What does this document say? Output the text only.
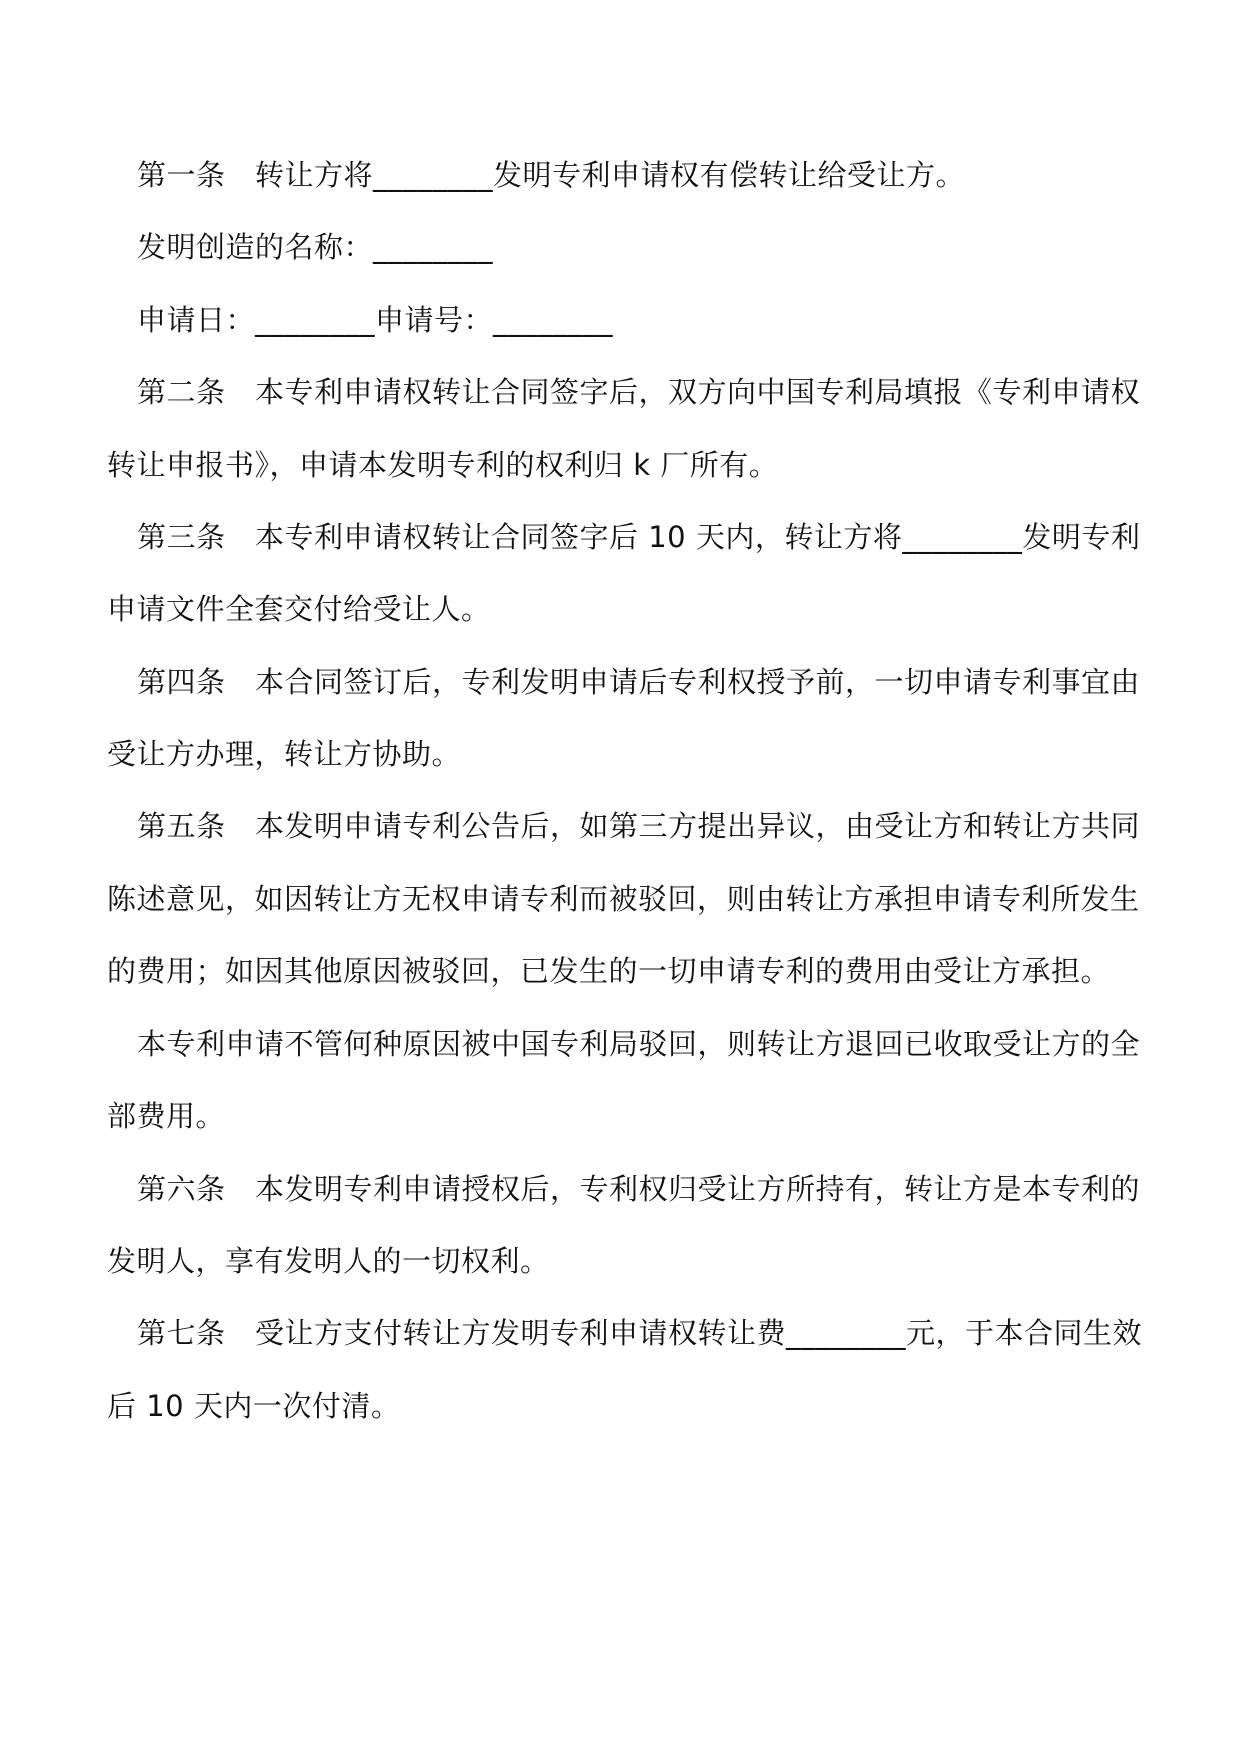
第一条　转让方将________发明专利申请权有偿转让给受让方。
发明创造的名称：________
申请日：________申请号：________
第二条　本专利申请权转让合同签字后，双方向中国专利局填报《专利申请权
转让申报书》，申请本发明专利的权利归 k 厂所有。
第三条　本专利申请权转让合同签字后 10 天内，转让方将________发明专利
申请文件全套交付给受让人。
第四条　本合同签订后，专利发明申请后专利权授予前，一切申请专利事宜由
受让方办理，转让方协助。
第五条　本发明申请专利公告后，如第三方提出异议，由受让方和转让方共同
陈述意见，如因转让方无权申请专利而被驳回，则由转让方承担申请专利所发生
的费用；如因其他原因被驳回，已发生的一切申请专利的费用由受让方承担。
本专利申请不管何种原因被中国专利局驳回，则转让方退回已收取受让方的全
部费用。
第六条　本发明专利申请授权后，专利权归受让方所持有，转让方是本专利的
发明人，享有发明人的一切权利。
第七条　受让方支付转让方发明专利申请权转让费________元，于本合同生效
后 10 天内一次付清。
